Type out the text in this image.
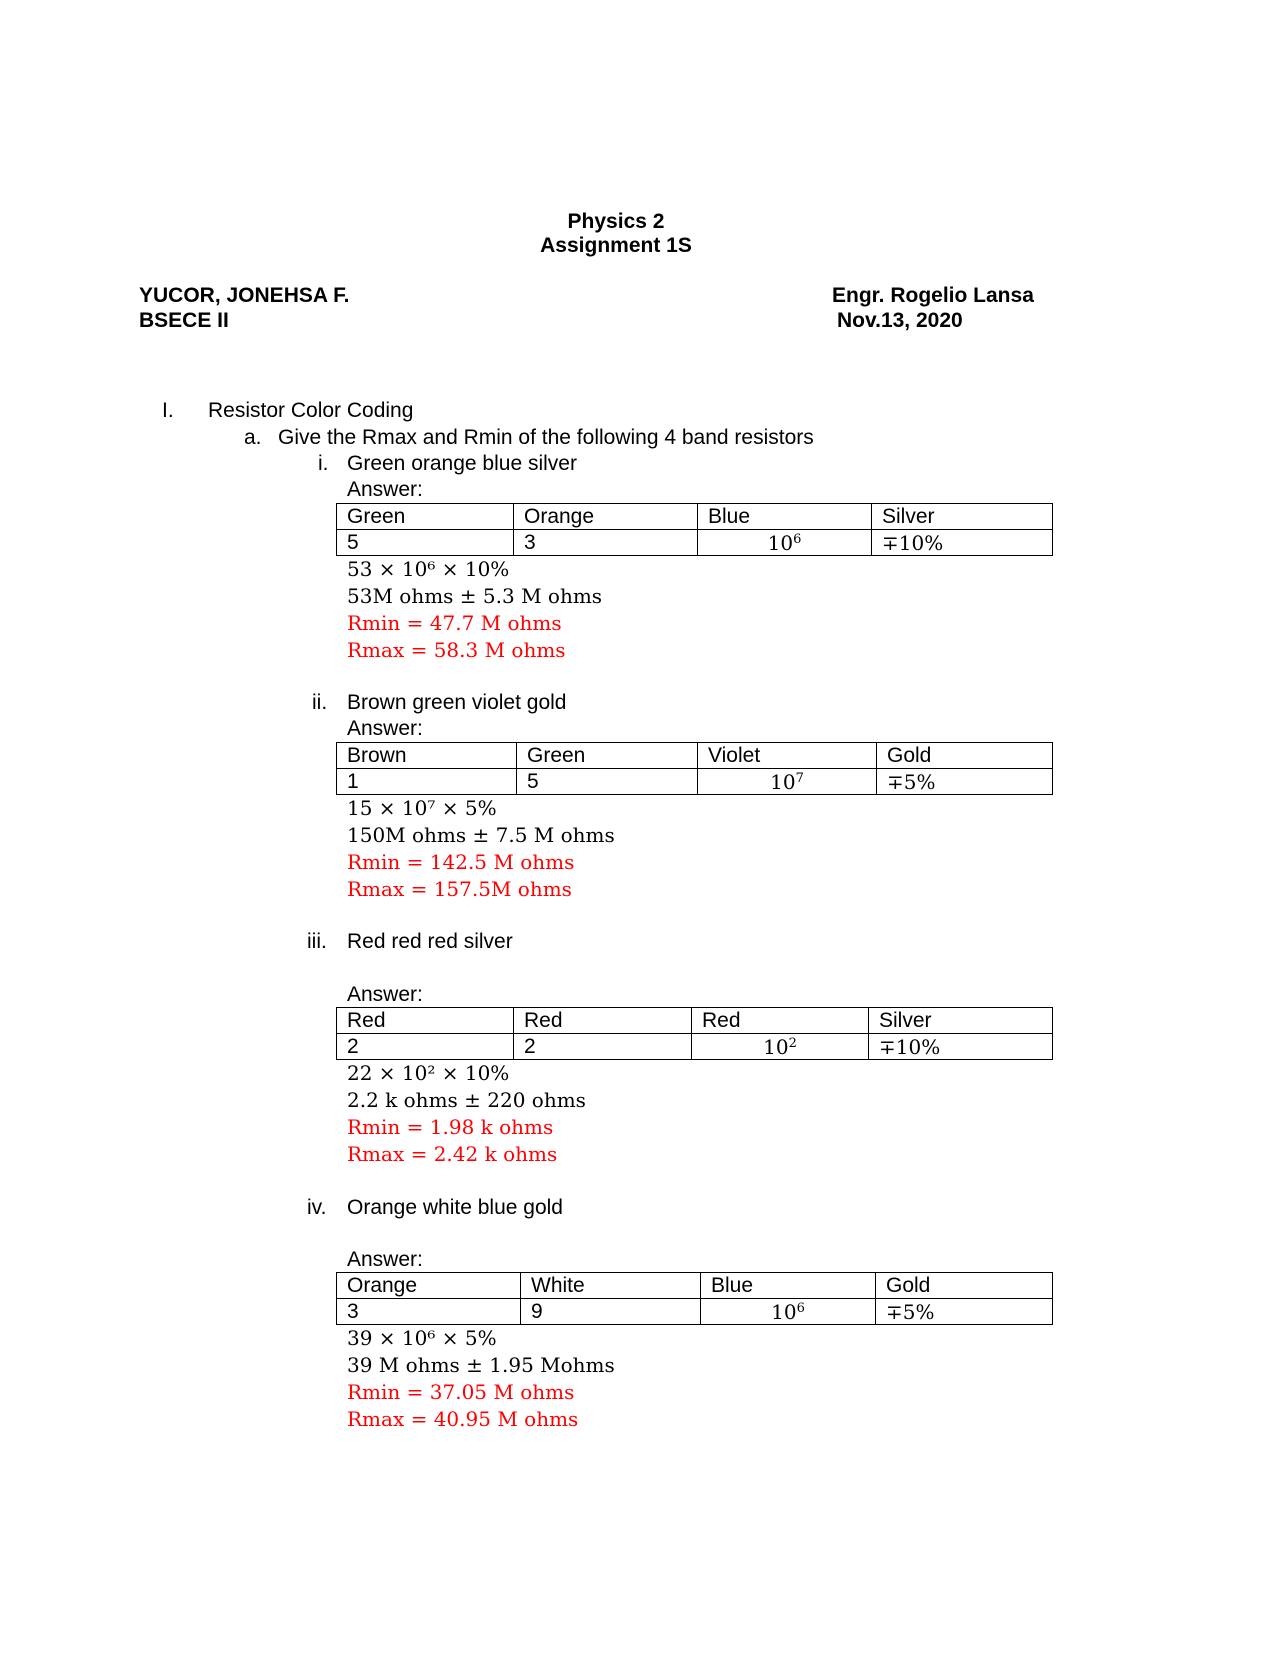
Physics 2
Assignment 1S
YUCOR, JONEHSA F.
BSECE II
Engr. Rogelio Lansa
Nov.13, 2020
I. Resistor Color Coding
a. Give the Rmax and Rmin of the following 4 band resistors
i. Green orange blue silver
Answer:
Green	Orange	Blue	Silver
5	3	$10^6$	∓10%
53 × 10⁶ × 10%
53M ohms ± 5.3 M ohms
Rmin = 47.7 M ohms
Rmax = 58.3 M ohms
ii. Brown green violet gold
Answer:
Brown	Green	Violet	Gold
1	5	$10^7$	∓5%
15 × 10⁷ × 5%
150M ohms ± 7.5 M ohms
Rmin = 142.5 M ohms
Rmax = 157.5M ohms
iii. Red red red silver
Answer:
Red	Red	Red	Silver
2	2	$10^2$	∓10%
22 × 10² × 10%
2.2 k ohms ± 220 ohms
Rmin = 1.98 k ohms
Rmax = 2.42 k ohms
iv. Orange white blue gold
Answer:
Orange	White	Blue	Gold
3	9	$10^6$	∓5%
39 × 10⁶ × 5%
39 M ohms ± 1.95 Mohms
Rmin = 37.05 M ohms
Rmax = 40.95 M ohms
